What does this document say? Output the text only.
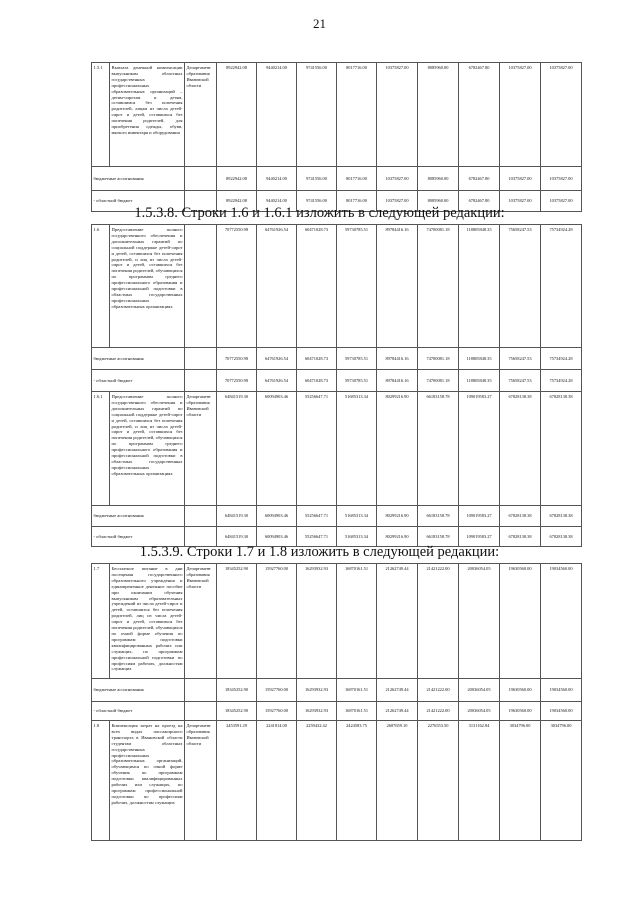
21
1.5.1	Выплата денежной компенсации выпускникам областных государственных профессиональных образовательных организаций – детям-сиротам и детям, оставшимся без попечения родителей, лицам из числа детей-сирот и детей, оставшихся без попечения родителей, для приобретения одежды, обуви, мягкого инвентаря и оборудования	Департамент образования Ивановской области	8922942.08	9440214.00	9741556.00	8017716.00	10375827.00	8085960.00	6782467.80	10375827.00	10375827.00
бюджетные ассигнования			8922942.08	9440214.00	9741556.00	8017716.00	10375827.00	8085960.00	6782467.80	10375827.00	10375827.00
- областной бюджет			8922942.08	9440214.00	9741556.00	8017716.00	10375827.00	8085960.00	6782467.80	10375827.00	10375827.00
1.5.3.8. Строки 1.6 и 1.6.1 изложить в следующей редакции:
1.6	Предоставление полного государственного обеспечения и дополнительных гарантий по социальной поддержке детей-сирот и детей, оставшихся без попечения родителей, и лиц из числа детей-сирот и детей, оставшихся без попечения родителей, обучающихся по программам среднего профессионального образования и профессиональной подготовки в областных государственных профессиональных образовательных организациях		70772550.98	64761926.54	60471028.73	59730785.51	89784416.16	74700081.18	118805848.35	75658247.53	75734924.28
бюджетные ассигнования			70772550.98	64761926.54	60471028.73	59730785.51	89784416.16	74700081.18	118805848.35	75658247.53	75734924.28
- областной бюджет			70772550.98	64761926.54	60471028.73	59730785.51	89784416.16	74700081.18	118805848.35	75658247.53	75734924.28
1.6.1	Предоставление полного государственного обеспечения и дополнительных гарантий по социальной поддержке детей-сирот и детей, оставшихся без попечения родителей, и лиц из числа детей-сирот и детей, оставшихся без попечения родителей, обучающихся по программам среднего профессионального образования и профессиональной подготовки в областных государственных профессиональных образовательных организациях	Департамент образования Ивановской области	64841519.30	60094903.46	55256647.71	51685313.34	80299216.90	66183158.78	109019583.27	67828138.38	67828138.38
бюджетные ассигнования			64841519.30	60094903.46	55256647.71	51685313.34	80299216.90	66183158.78	109019583.27	67828138.38	67828138.38
- областной бюджет			64841519.30	60094903.46	55256647.71	51685313.34	80299216.90	66183158.78	109019583.27	67828138.38	67828138.38
1.5.3.9. Строки 1.7 и 1.8 изложить в следующей редакции:
1.7	Бесплатное питание в дни посещения государственного образовательного учреждения и единовременное денежное пособие при окончании обучения выпускникам образовательных учреждений из числа детей-сирот и детей, оставшихся без попечения родителей, лиц из числа детей-сирот и детей, оставшихся без попечения родителей, обучающихся по очной форме обучения по программам подготовки квалифицированных рабочих или служащих, по программам профессиональной подготовки по профессиям рабочих, должностям служащих	Департамент образования Ивановской области	18345252.90	15927760.00	16293932.93	16870161.51	21262749.44	21421222.00	20036054.05	19630560.00	19034560.00
бюджетные ассигнования			18345252.90	15927760.00	16293932.93	16870161.51	21262749.44	21421222.00	20036054.05	19630560.00	19034560.00
- областной бюджет			18345252.90	15927760.00	16293932.93	16870161.51	21262749.44	21421222.00	20036054.05	19630560.00	19034560.00
1.8	Компенсация затрат на проезд на всех видах пассажирского транспорта в Ивановской области студентам областных государственных профессиональных образовательных организаций, обучающимся по очной форме обучения по программам подготовки квалифицированных рабочих или служащих, по программам профессиональной подготовки по профессиям рабочих, должностям служащих	Департамент образования Ивановской области	2453591.29	2241814.00	2259432.42	2424583.75	2687659.10	2276553.50	3131162.84	3034796.00	3034796.00
